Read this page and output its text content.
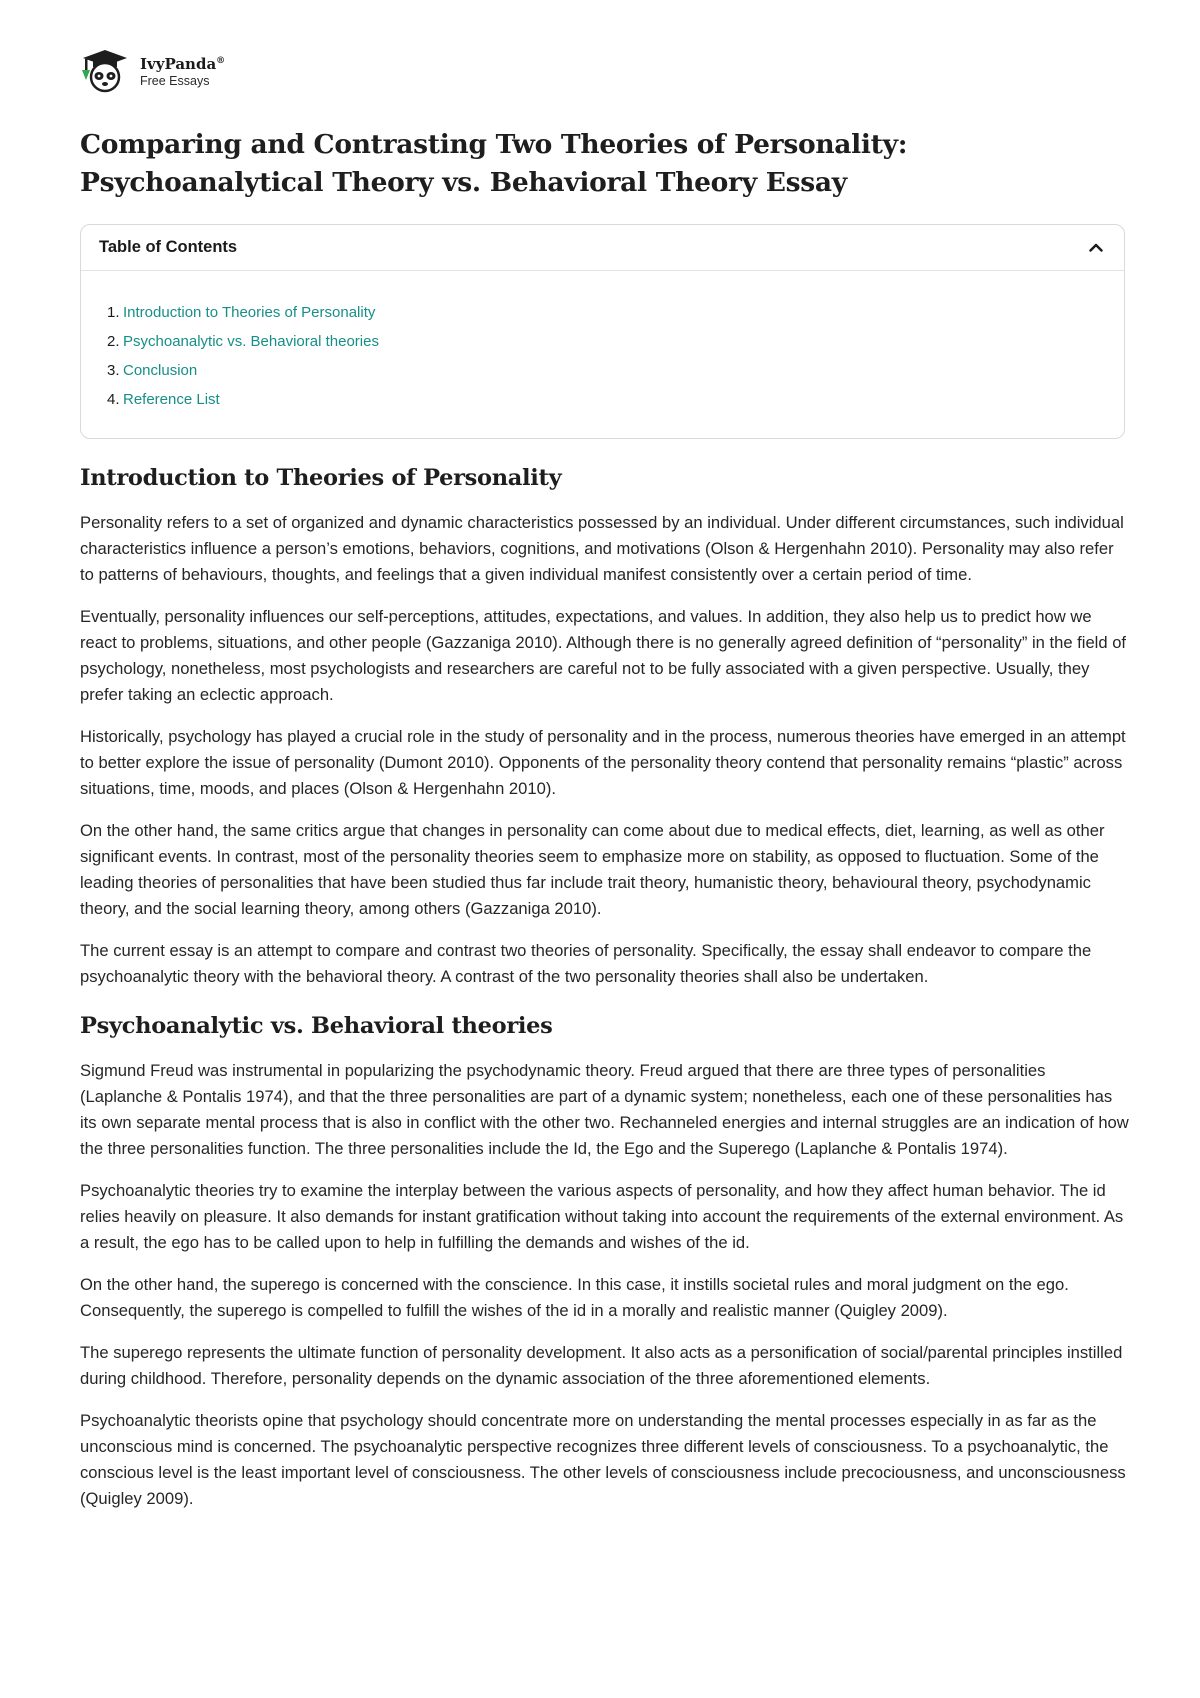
IvyPanda®
Free Essays
Comparing and Contrasting Two Theories of Personality: Psychoanalytical Theory vs. Behavioral Theory Essay
Table of Contents
1. Introduction to Theories of Personality
2. Psychoanalytic vs. Behavioral theories
3. Conclusion
4. Reference List
Introduction to Theories of Personality

Personality refers to a set of organized and dynamic characteristics possessed by an individual. Under different circumstances, such individual characteristics influence a person’s emotions, behaviors, cognitions, and motivations (Olson & Hergenhahn 2010). Personality may also refer to patterns of behaviours, thoughts, and feelings that a given individual manifest consistently over a certain period of time.

Eventually, personality influences our self-perceptions, attitudes, expectations, and values. In addition, they also help us to predict how we react to problems, situations, and other people (Gazzaniga 2010). Although there is no generally agreed definition of “personality” in the field of psychology, nonetheless, most psychologists and researchers are careful not to be fully associated with a given perspective. Usually, they prefer taking an eclectic approach.

Historically, psychology has played a crucial role in the study of personality and in the process, numerous theories have emerged in an attempt to better explore the issue of personality (Dumont 2010). Opponents of the personality theory contend that personality remains “plastic” across situations, time, moods, and places (Olson & Hergenhahn 2010).

On the other hand, the same critics argue that changes in personality can come about due to medical effects, diet, learning, as well as other significant events. In contrast, most of the personality theories seem to emphasize more on stability, as opposed to fluctuation. Some of the leading theories of personalities that have been studied thus far include trait theory, humanistic theory, behavioural theory, psychodynamic theory, and the social learning theory, among others (Gazzaniga 2010).

The current essay is an attempt to compare and contrast two theories of personality. Specifically, the essay shall endeavor to compare the psychoanalytic theory with the behavioral theory. A contrast of the two personality theories shall also be undertaken.

Psychoanalytic vs. Behavioral theories

Sigmund Freud was instrumental in popularizing the psychodynamic theory. Freud argued that there are three types of personalities (Laplanche & Pontalis 1974), and that the three personalities are part of a dynamic system; nonetheless, each one of these personalities has its own separate mental process that is also in conflict with the other two. Rechanneled energies and internal struggles are an indication of how the three personalities function. The three personalities include the Id, the Ego and the Superego (Laplanche & Pontalis 1974).

Psychoanalytic theories try to examine the interplay between the various aspects of personality, and how they affect human behavior. The id relies heavily on pleasure. It also demands for instant gratification without taking into account the requirements of the external environment. As a result, the ego has to be called upon to help in fulfilling the demands and wishes of the id.

On the other hand, the superego is concerned with the conscience. In this case, it instills societal rules and moral judgment on the ego. Consequently, the superego is compelled to fulfill the wishes of the id in a morally and realistic manner (Quigley 2009).

The superego represents the ultimate function of personality development. It also acts as a personification of social/parental principles instilled during childhood. Therefore, personality depends on the dynamic association of the three aforementioned elements.

Psychoanalytic theorists opine that psychology should concentrate more on understanding the mental processes especially in as far as the unconscious mind is concerned. The psychoanalytic perspective recognizes three different levels of consciousness. To a psychoanalytic, the conscious level is the least important level of consciousness. The other levels of consciousness include precociousness, and unconsciousness (Quigley 2009).
